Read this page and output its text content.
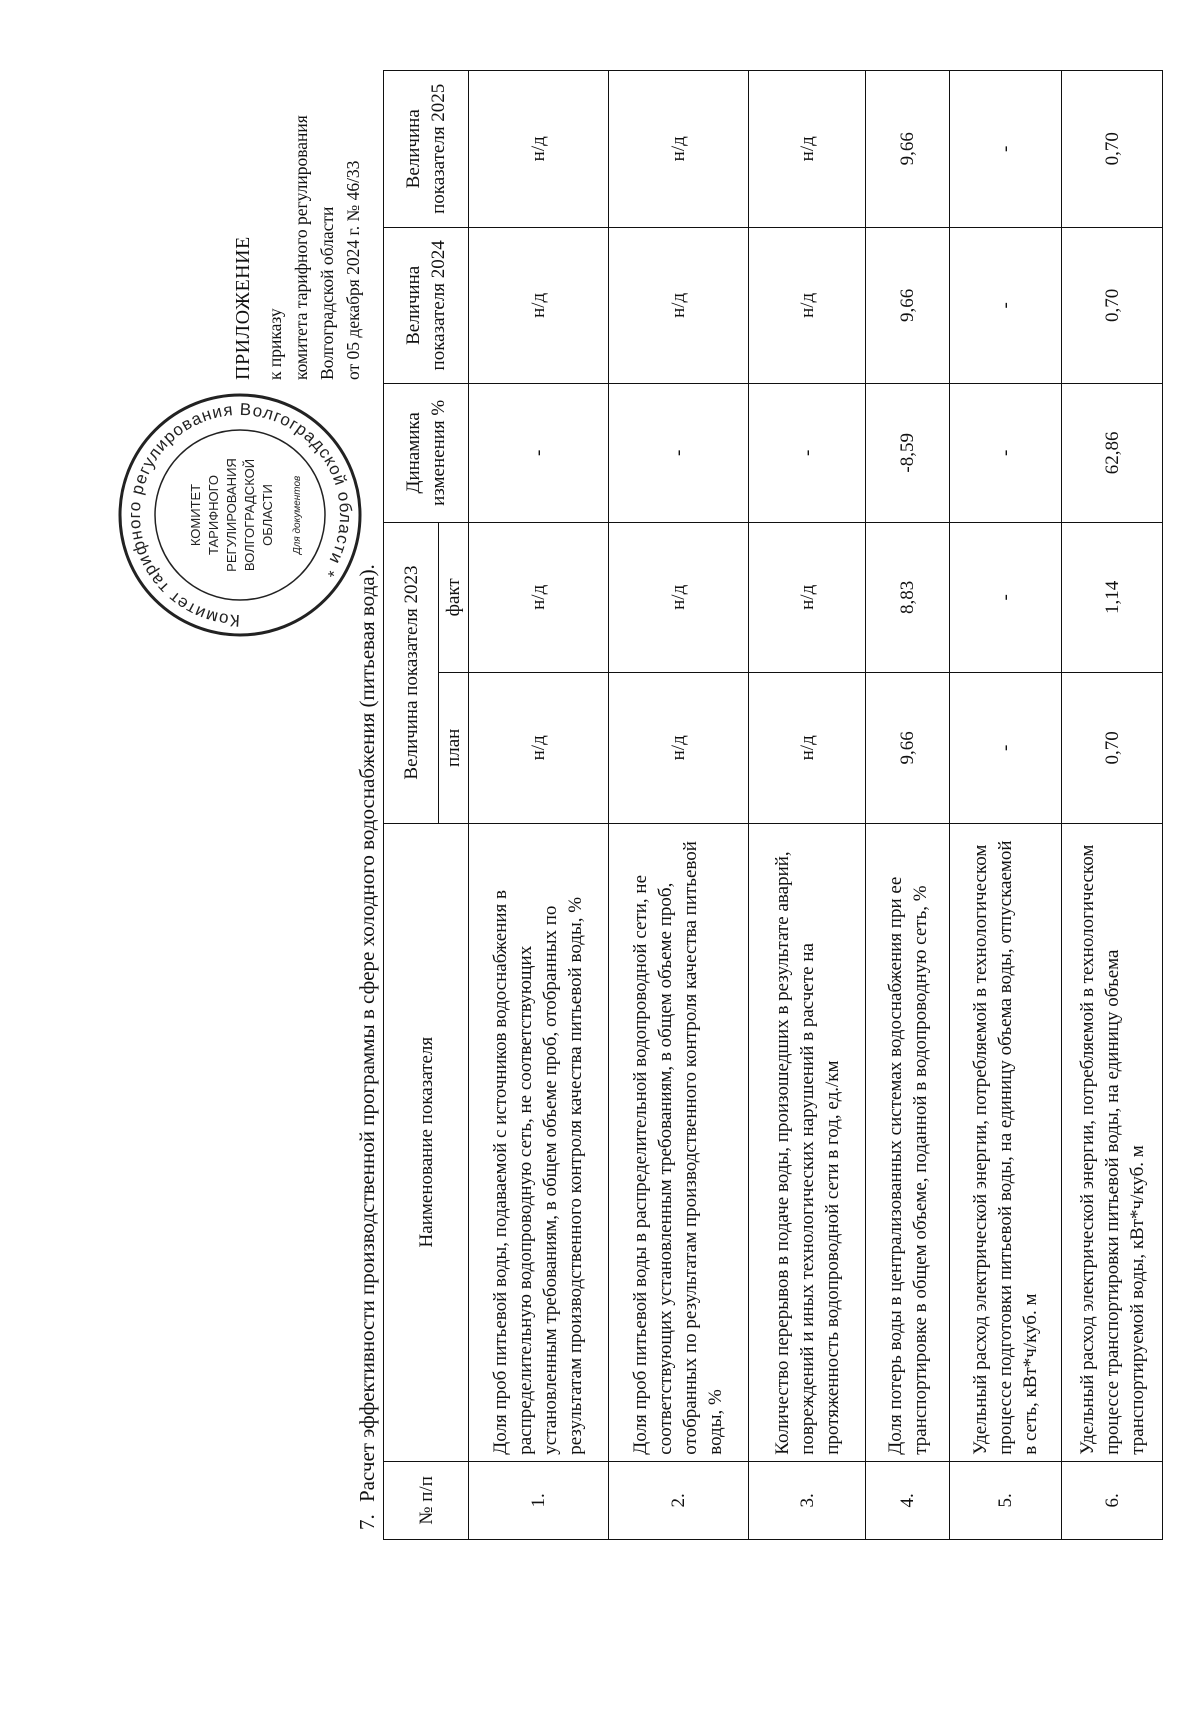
ПРИЛОЖЕНИЕ к приказу комитета тарифного регулирования Волгоградской области от 05 декабря 2024 г. № 46/33
Комитет тарифного регулирования Волгоградской области *
КОМИТЕТ ТАРИФНОГО РЕГУЛИРОВАНИЯ ВОЛГОГРАДСКОЙ ОБЛАСТИ Для документов
7.Расчет эффективности производственной программы в сфере холодного водоснабжения (питьевая вода). № п/п	Наименование показателя	Величина показателя 2023		Динамика изменения %	Величина показателя 2024	Величина показателя 2025
		план	факт			
1.	Доля проб питьевой воды, подаваемой с источников водоснабжения в распределительную водопроводную сеть, не соответствующих установленным требованиям, в общем объеме проб, отобранных по результатам производственного контроля качества питьевой воды, %	н/д	н/д	-	н/д	н/д
2.	Доля проб питьевой воды в распределительной водопроводной сети, не соответствующих установленным требованиям, в общем объеме проб, отобранных по результатам производственного контроля качества питьевой воды, %	н/д	н/д	-	н/д	н/д
3.	Количество перерывов в подаче воды, произошедших в результате аварий, повреждений и иных технологических нарушений в расчете на протяженность водопроводной сети в год, ед./км	н/д	н/д	-	н/д	н/д
4.	Доля потерь воды в централизованных системах водоснабжения при ее транспортировке в общем объеме, поданной в водопроводную сеть, %	9,66	8,83	-8,59	9,66	9,66
5.	Удельный расход электрической энергии, потребляемой в технологическом процессе подготовки питьевой воды, на единицу объема воды, отпускаемой в сеть, кВт*ч/куб. м	-	-	-	-	-
6.	Удельный расход электрической энергии, потребляемой в технологическом процессе транспортировки питьевой воды, на единицу объема транспортируемой воды, кВт*ч/куб. м	0,70	1,14	62,86	0,70	0,70
